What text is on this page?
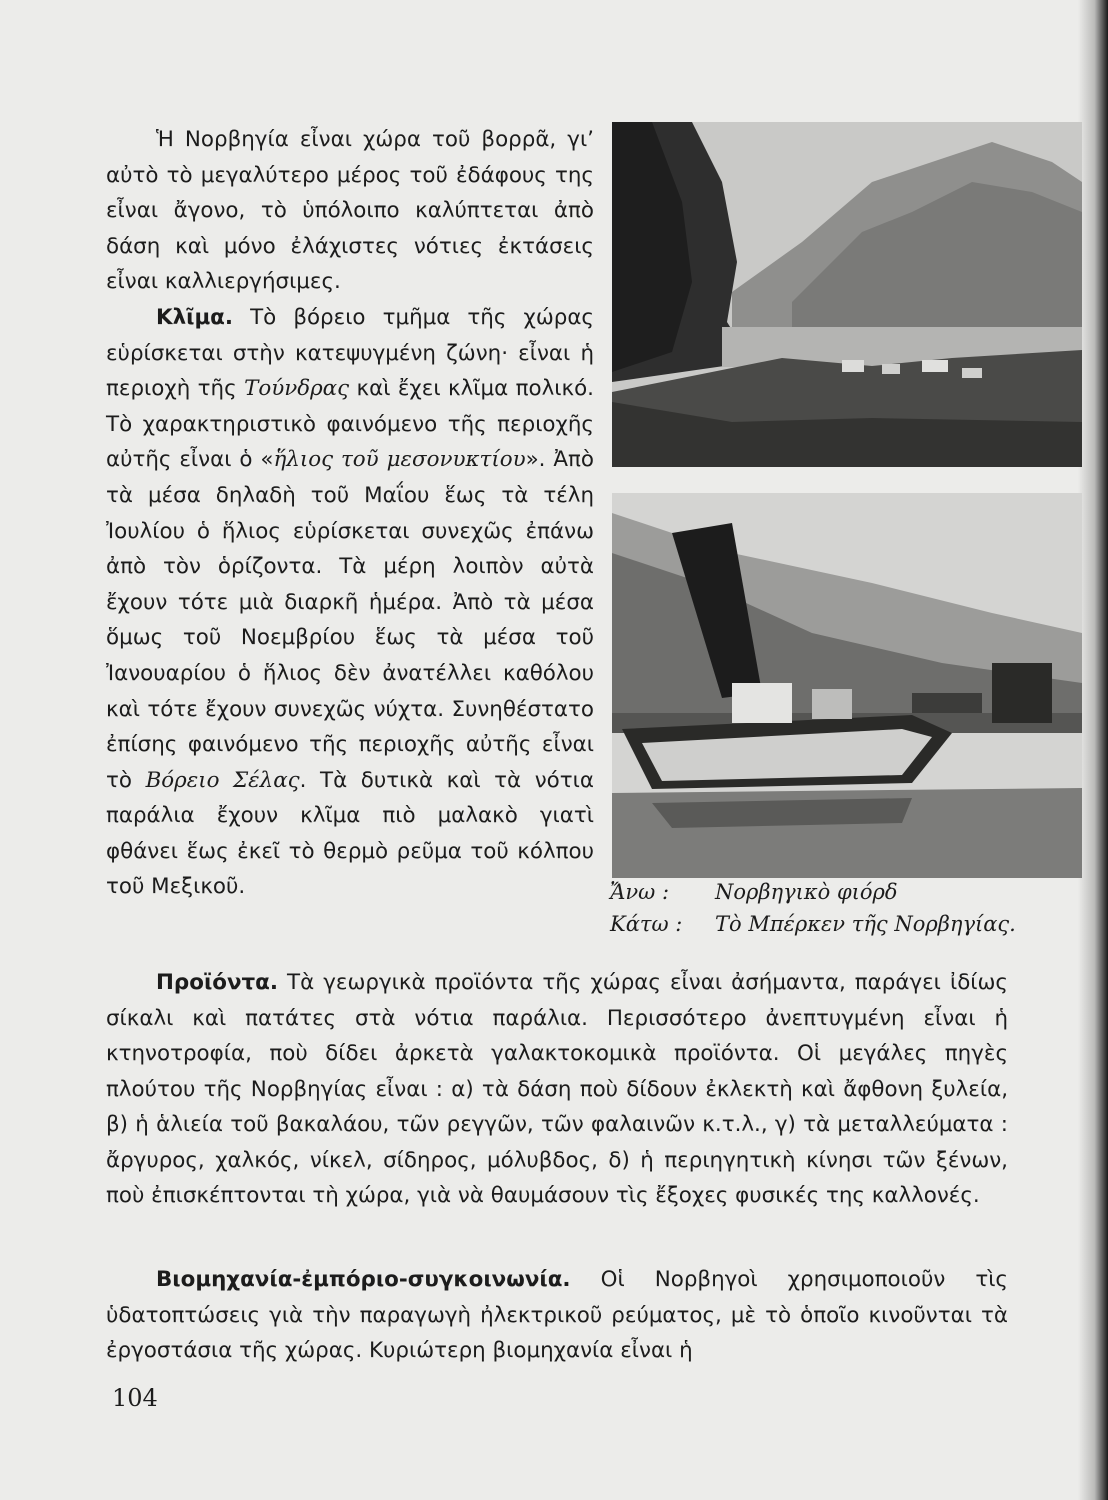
Ἡ Νορβηγία εἶναι χώρα τοῦ βορρᾶ, γι’ αὐτὸ τὸ μεγαλύτερο μέρος τοῦ ἐδάφους της εἶναι ἄγονο, τὸ ὑπόλοιπο καλύπτεται ἀπὸ δάση καὶ μόνο ἐλάχιστες νότιες ἐκτάσεις εἶναι καλλιεργήσιμες.

Κλῖμα. Τὸ βόρειο τμῆμα τῆς χώρας εὑρίσκεται στὴν κατεψυγμένη ζώνη· εἶναι ἡ περιοχὴ τῆς Τούνδρας καὶ ἔχει κλῖμα πολικό. Τὸ χαρακτηριστικὸ φαινόμενο τῆς περιοχῆς αὐτῆς εἶναι ὁ «ἥλιος τοῦ μεσονυκτίου». Ἀπὸ τὰ μέσα δηλαδὴ τοῦ Μαΐου ἕως τὰ τέλη Ἰουλίου ὁ ἥλιος εὑρίσκεται συνεχῶς ἐπάνω ἀπὸ τὸν ὁρίζοντα. Τὰ μέρη λοιπὸν αὐτὰ ἔχουν τότε μιὰ διαρκῆ ἡμέρα. Ἀπὸ τὰ μέσα ὅμως τοῦ Νοεμβρίου ἕως τὰ μέσα τοῦ Ἰανουαρίου ὁ ἥλιος δὲν ἀνατέλλει καθόλου καὶ τότε ἔχουν συνεχῶς νύχτα. Συνηθέστατο ἐπίσης φαινόμενο τῆς περιοχῆς αὐτῆς εἶναι τὸ Βόρειο Σέλας. Τὰ δυτικὰ καὶ τὰ νότια παράλια ἔχουν κλῖμα πιὸ μαλακὸ γιατὶ φθάνει ἕως ἐκεῖ τὸ θερμὸ ρεῦμα τοῦ κόλπου τοῦ Μεξικοῦ.	Ἄνω : Νορβηγικὸ φιόρδ
Κάτω : Τὸ Μπέρκεν τῆς Νορβηγίας.

Προϊόντα. Τὰ γεωργικὰ προϊόντα τῆς χώρας εἶναι ἀσήμαντα, παράγει ἰδίως σίκαλι καὶ πατάτες στὰ νότια παράλια. Περισσότερο ἀνεπτυγμένη εἶναι ἡ κτηνοτροφία, ποὺ δίδει ἀρκετὰ γαλακτοκομικὰ προϊόντα. Οἱ μεγάλες πηγὲς πλούτου τῆς Νορβηγίας εἶναι : α) τὰ δάση ποὺ δίδουν ἐκλεκτὴ καὶ ἄφθονη ξυλεία, β) ἡ ἁλιεία τοῦ βακαλάου, τῶν ρεγγῶν, τῶν φαλαινῶν κ.τ.λ., γ) τὰ μεταλλεύματα : ἄργυρος, χαλκός, νίκελ, σίδηρος, μόλυβδος, δ) ἡ περιηγητικὴ κίνησι τῶν ξένων, ποὺ ἐπισκέπτονται τὴ χώρα, γιὰ νὰ θαυμάσουν τὶς ἔξοχες φυσικές της καλλονές.

Βιομηχανία-ἐμπόριο-συγκοινωνία. Οἱ Νορβηγοὶ χρησιμοποιοῦν τὶς ὑδατοπτώσεις γιὰ τὴν παραγωγὴ ἠλεκτρικοῦ ρεύματος, μὲ τὸ ὁποῖο κινοῦνται τὰ ἐργοστάσια τῆς χώρας. Κυριώτερη βιομηχανία εἶναι ἡ

104
